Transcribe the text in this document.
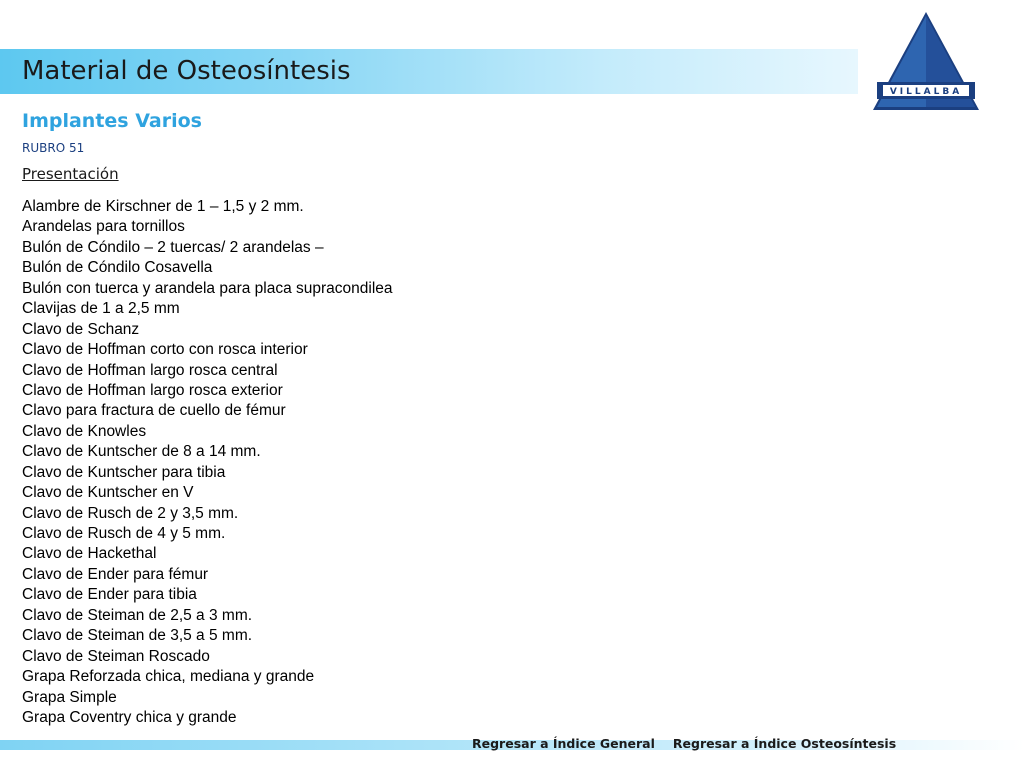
Material de Osteosíntesis
VILLALBA
Implantes Varios
RUBRO 51
Presentación
Alambre de Kirschner de 1 – 1,5 y 2 mm.
Arandelas para tornillos
Bulón de Cóndilo – 2 tuercas/ 2 arandelas –
Bulón de Cóndilo Cosavella
Bulón con tuerca y arandela para placa supracondilea
Clavijas de 1 a 2,5 mm
Clavo de Schanz
Clavo de Hoffman corto con rosca interior
Clavo de Hoffman largo rosca central
Clavo de Hoffman largo rosca exterior
Clavo para fractura de cuello de fémur
Clavo de Knowles
Clavo de Kuntscher de 8 a 14 mm.
Clavo de Kuntscher para tibia
Clavo de Kuntscher en V
Clavo de Rusch de 2 y 3,5 mm.
Clavo de Rusch de 4 y 5 mm.
Clavo de Hackethal
Clavo de Ender para fémur
Clavo de Ender para tibia
Clavo de Steiman de 2,5 a 3 mm.
Clavo de Steiman de 3,5 a 5 mm.
Clavo de Steiman Roscado
Grapa Reforzada chica, mediana y grande
Grapa Simple
Grapa Coventry chica y grande
Regresar a Índice General Regresar a Índice Osteosíntesis
